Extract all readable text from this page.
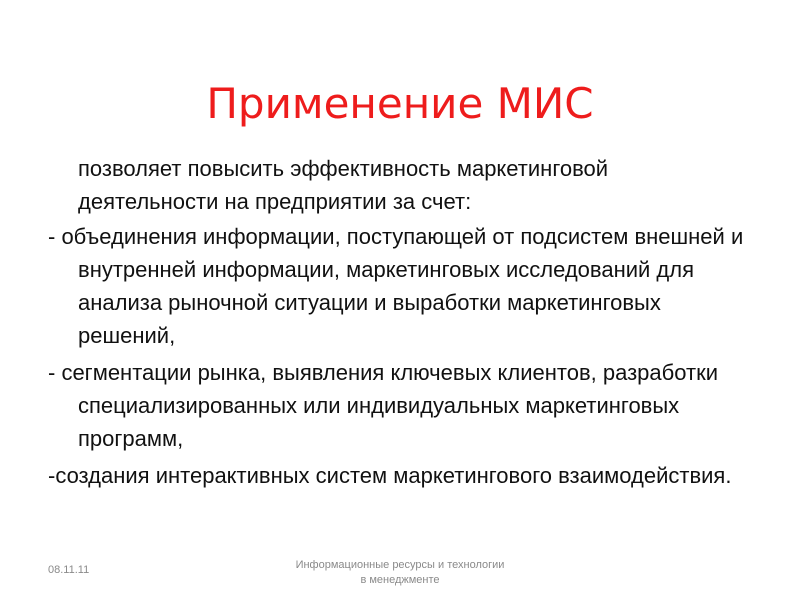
Применение МИС

позволяет повысить эффективность маркетинговой деятельности на предприятии за счет:

- объединения информации, поступающей от подсистем внешней и внутренней информации, маркетинговых исследований для анализа рыночной ситуации и выработки маркетинговых решений,

- сегментации рынка, выявления ключевых клиентов, разработки специализированных или индивидуальных маркетинговых программ,

-создания интерактивных систем маркетингового взаимодействия.

08.11.11	Информационные ресурсы и технологии
в менеджменте
